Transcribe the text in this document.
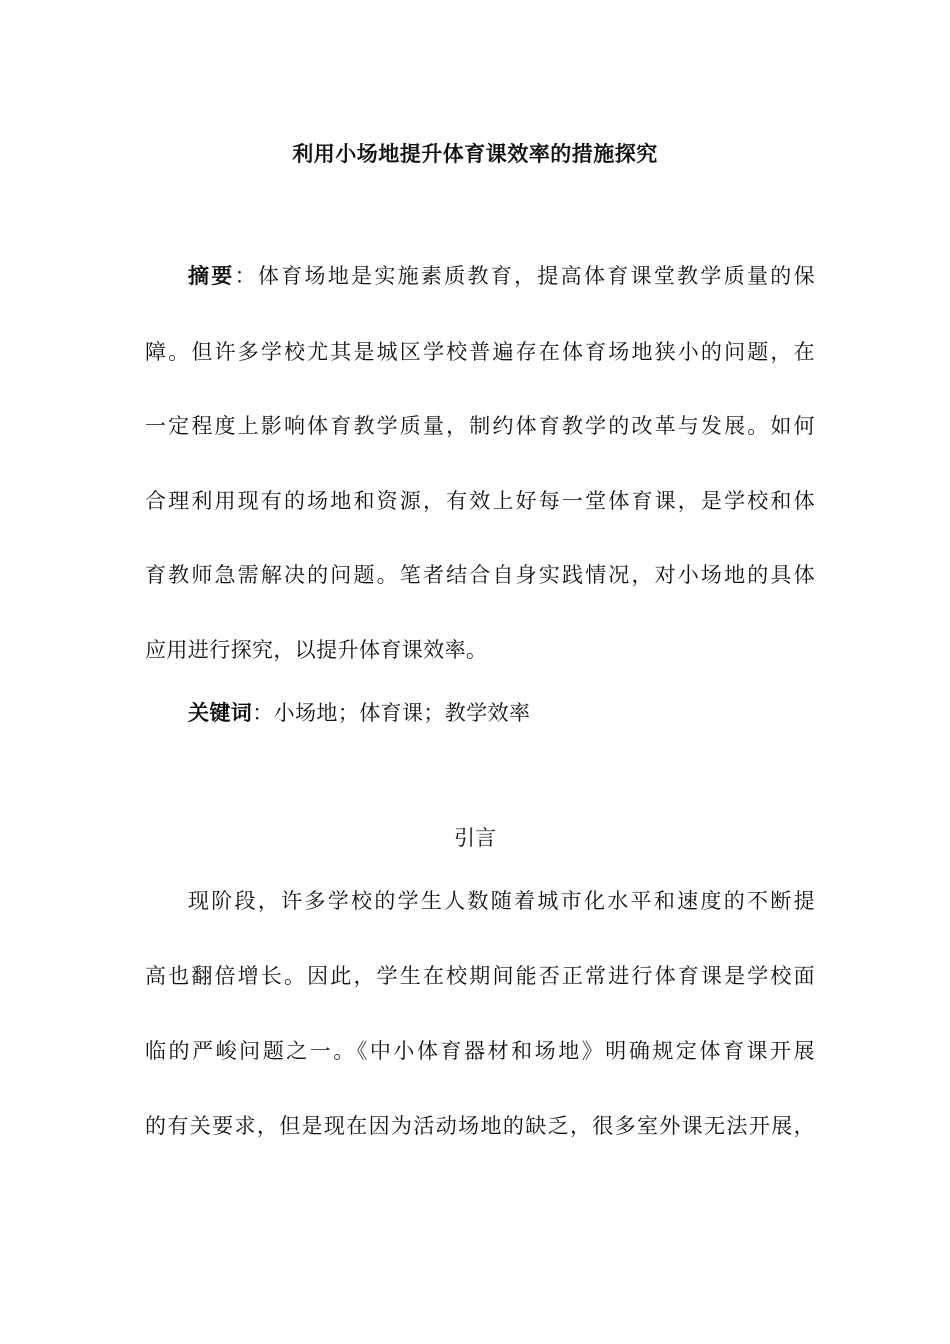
利用小场地提升体育课效率的措施探究
摘要：体育场地是实施素质教育，提高体育课堂教学质量的保
障。但许多学校尤其是城区学校普遍存在体育场地狭小的问题，在
一定程度上影响体育教学质量，制约体育教学的改革与发展。如何
合理利用现有的场地和资源，有效上好每一堂体育课，是学校和体
育教师急需解决的问题。笔者结合自身实践情况，对小场地的具体
应用进行探究，以提升体育课效率。
关键词：小场地；体育课；教学效率
引言
现阶段，许多学校的学生人数随着城市化水平和速度的不断提
高也翻倍增长。因此，学生在校期间能否正常进行体育课是学校面
临的严峻问题之一。《中小体育器材和场地》明确规定体育课开展
的有关要求，但是现在因为活动场地的缺乏，很多室外课无法开展，
